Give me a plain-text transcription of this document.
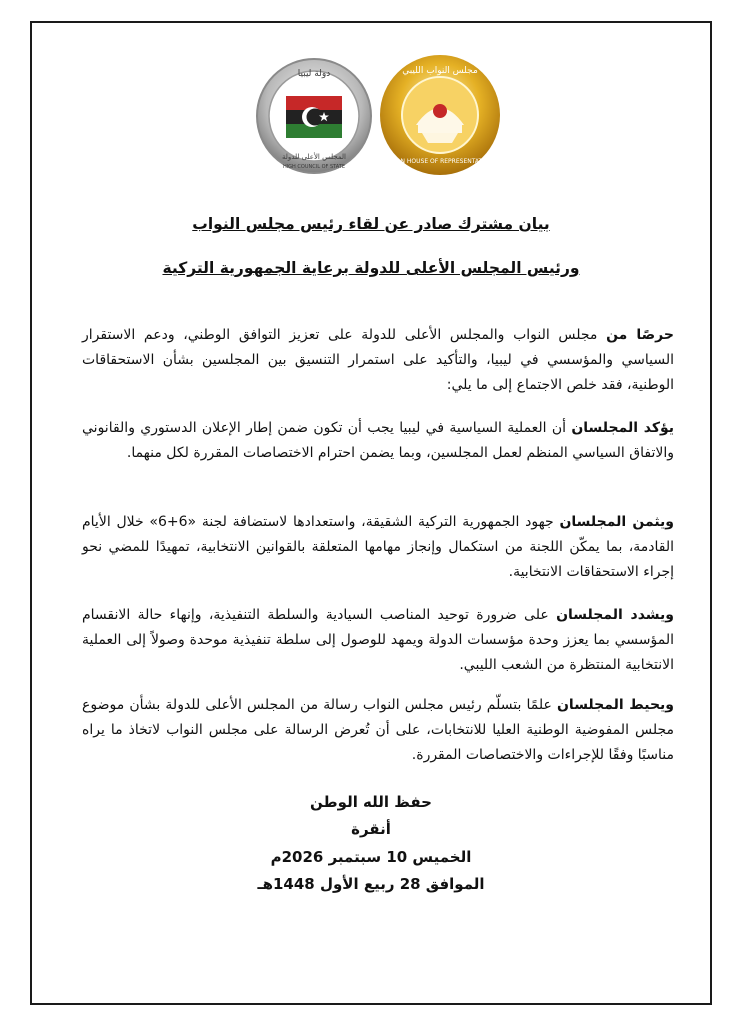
دولة ليبيا
المجلس الأعلى للدولة
HIGH COUNCIL OF STATE
مجلس النواب الليبي
LIBYAN HOUSE OF REPRESENTATIVES
بيان مشترك صادر عن لقاء رئيس مجلس النواب
ورئيس المجلس الأعلى للدولة برعاية الجمهورية التركية
حرصًا من مجلس النواب والمجلس الأعلى للدولة على تعزيز التوافق الوطني، ودعم الاستقرار السياسي والمؤسسي في ليبيا، والتأكيد على استمرار التنسيق بين المجلسين بشأن الاستحقاقات الوطنية، فقد خلص الاجتماع إلى ما يلي:
يؤكد المجلسان أن العملية السياسية في ليبيا يجب أن تكون ضمن إطار الإعلان الدستوري والقانوني والاتفاق السياسي المنظم لعمل المجلسين، وبما يضمن احترام الاختصاصات المقررة لكل منهما.
ويثمن المجلسان جهود الجمهورية التركية الشقيقة، واستعدادها لاستضافة لجنة «6+6» خلال الأيام القادمة، بما يمكّن اللجنة من استكمال وإنجاز مهامها المتعلقة بالقوانين الانتخابية، تمهيدًا للمضي نحو إجراء الاستحقاقات الانتخابية.
ويشدد المجلسان على ضرورة توحيد المناصب السيادية والسلطة التنفيذية، وإنهاء حالة الانقسام المؤسسي بما يعزز وحدة مؤسسات الدولة ويمهد للوصول إلى سلطة تنفيذية موحدة وصولاً إلى العملية الانتخابية المنتظرة من الشعب الليبي.
ويحيط المجلسان علمًا بتسلّم رئيس مجلس النواب رسالة من المجلس الأعلى للدولة بشأن موضوع مجلس المفوضية الوطنية العليا للانتخابات، على أن تُعرض الرسالة على مجلس النواب لاتخاذ ما يراه مناسبًا وفقًا للإجراءات والاختصاصات المقررة.
حفظ الله الوطن
أنقرة
الخميس 10 سبتمبر 2026م
الموافق 28 ربيع الأول 1448هـ
